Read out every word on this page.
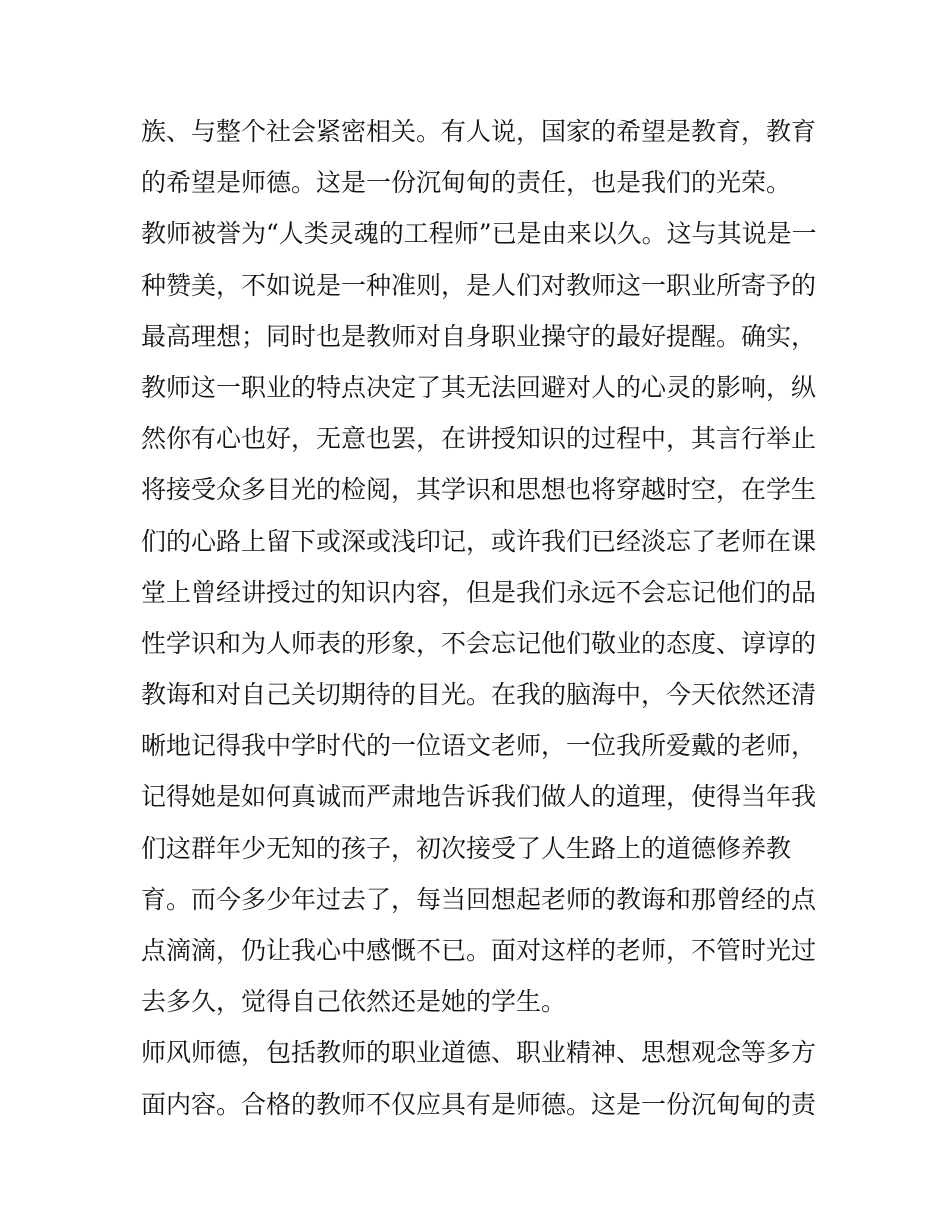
族、与整个社会紧密相关。有人说，国家的希望是教育，教育
的希望是师德。这是一份沉甸甸的责任，也是我们的光荣。
教师被誉为“人类灵魂的工程师”已是由来以久。这与其说是一
种赞美，不如说是一种准则，是人们对教师这一职业所寄予的
最高理想；同时也是教师对自身职业操守的最好提醒。确实，
教师这一职业的特点决定了其无法回避对人的心灵的影响，纵
然你有心也好，无意也罢，在讲授知识的过程中，其言行举止
将接受众多目光的检阅，其学识和思想也将穿越时空，在学生
们的心路上留下或深或浅印记，或许我们已经淡忘了老师在课
堂上曾经讲授过的知识内容，但是我们永远不会忘记他们的品
性学识和为人师表的形象，不会忘记他们敬业的态度、谆谆的
教诲和对自己关切期待的目光。在我的脑海中，今天依然还清
晰地记得我中学时代的一位语文老师，一位我所爱戴的老师，
记得她是如何真诚而严肃地告诉我们做人的道理，使得当年我
们这群年少无知的孩子，初次接受了人生路上的道德修养教
育。而今多少年过去了，每当回想起老师的教诲和那曾经的点
点滴滴，仍让我心中感慨不已。面对这样的老师，不管时光过
去多久，觉得自己依然还是她的学生。
师风师德，包括教师的职业道德、职业精神、思想观念等多方
面内容。合格的教师不仅应具有是师德。这是一份沉甸甸的责
